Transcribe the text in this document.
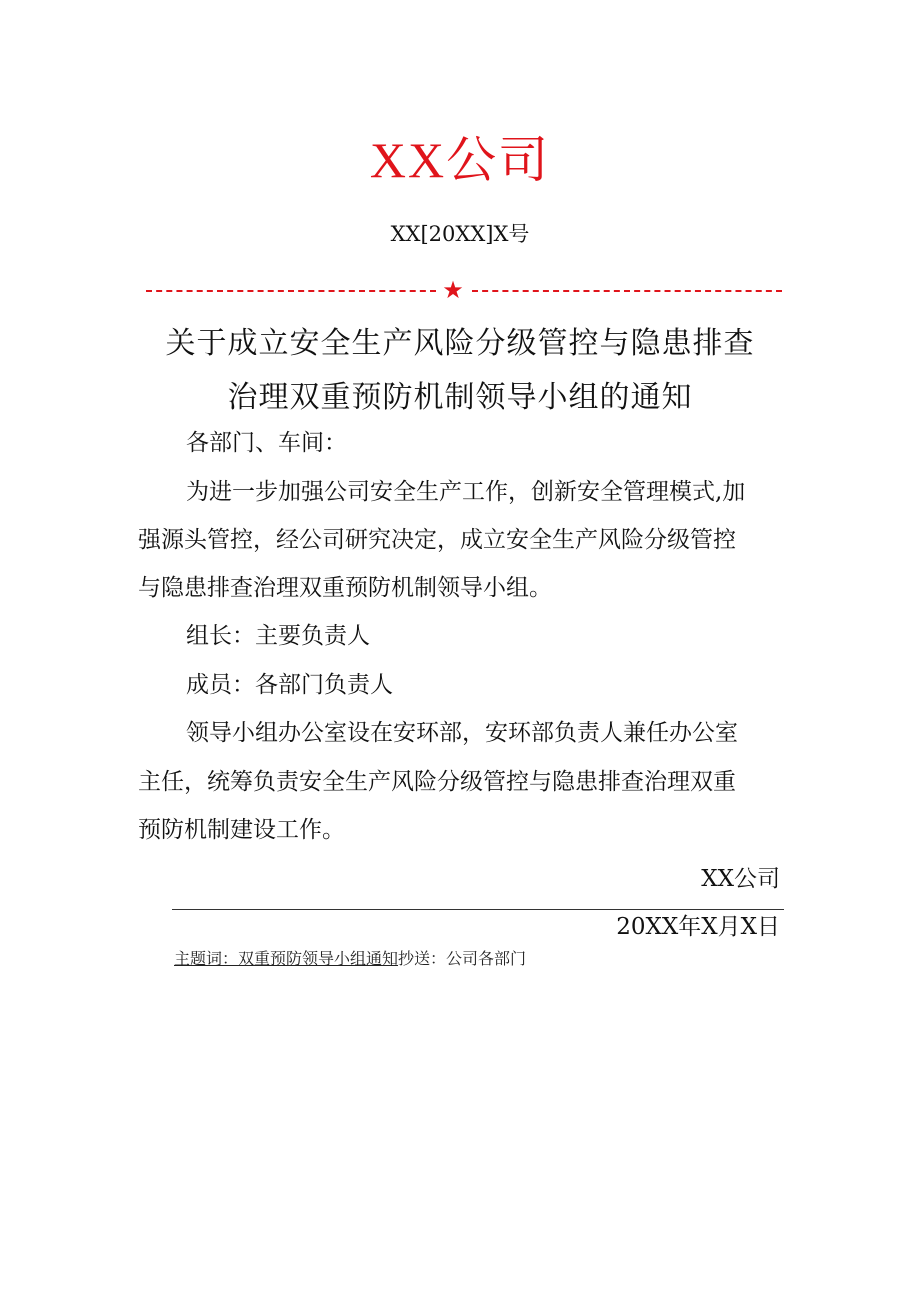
XX公司
XX[20XX]X号
★
关于成立安全生产风险分级管控与隐患排查
治理双重预防机制领导小组的通知
各部门、车间：
为进一步加强公司安全生产工作，创新安全管理模式,加
强源头管控，经公司研究决定，成立安全生产风险分级管控
与隐患排查治理双重预防机制领导小组。
组长：主要负责人
成员：各部门负责人
领导小组办公室设在安环部，安环部负责人兼任办公室
主任，统筹负责安全生产风险分级管控与隐患排查治理双重
预防机制建设工作。
XX公司
20XX年X月X日
主题词：双重预防领导小组通知抄送：公司各部门
